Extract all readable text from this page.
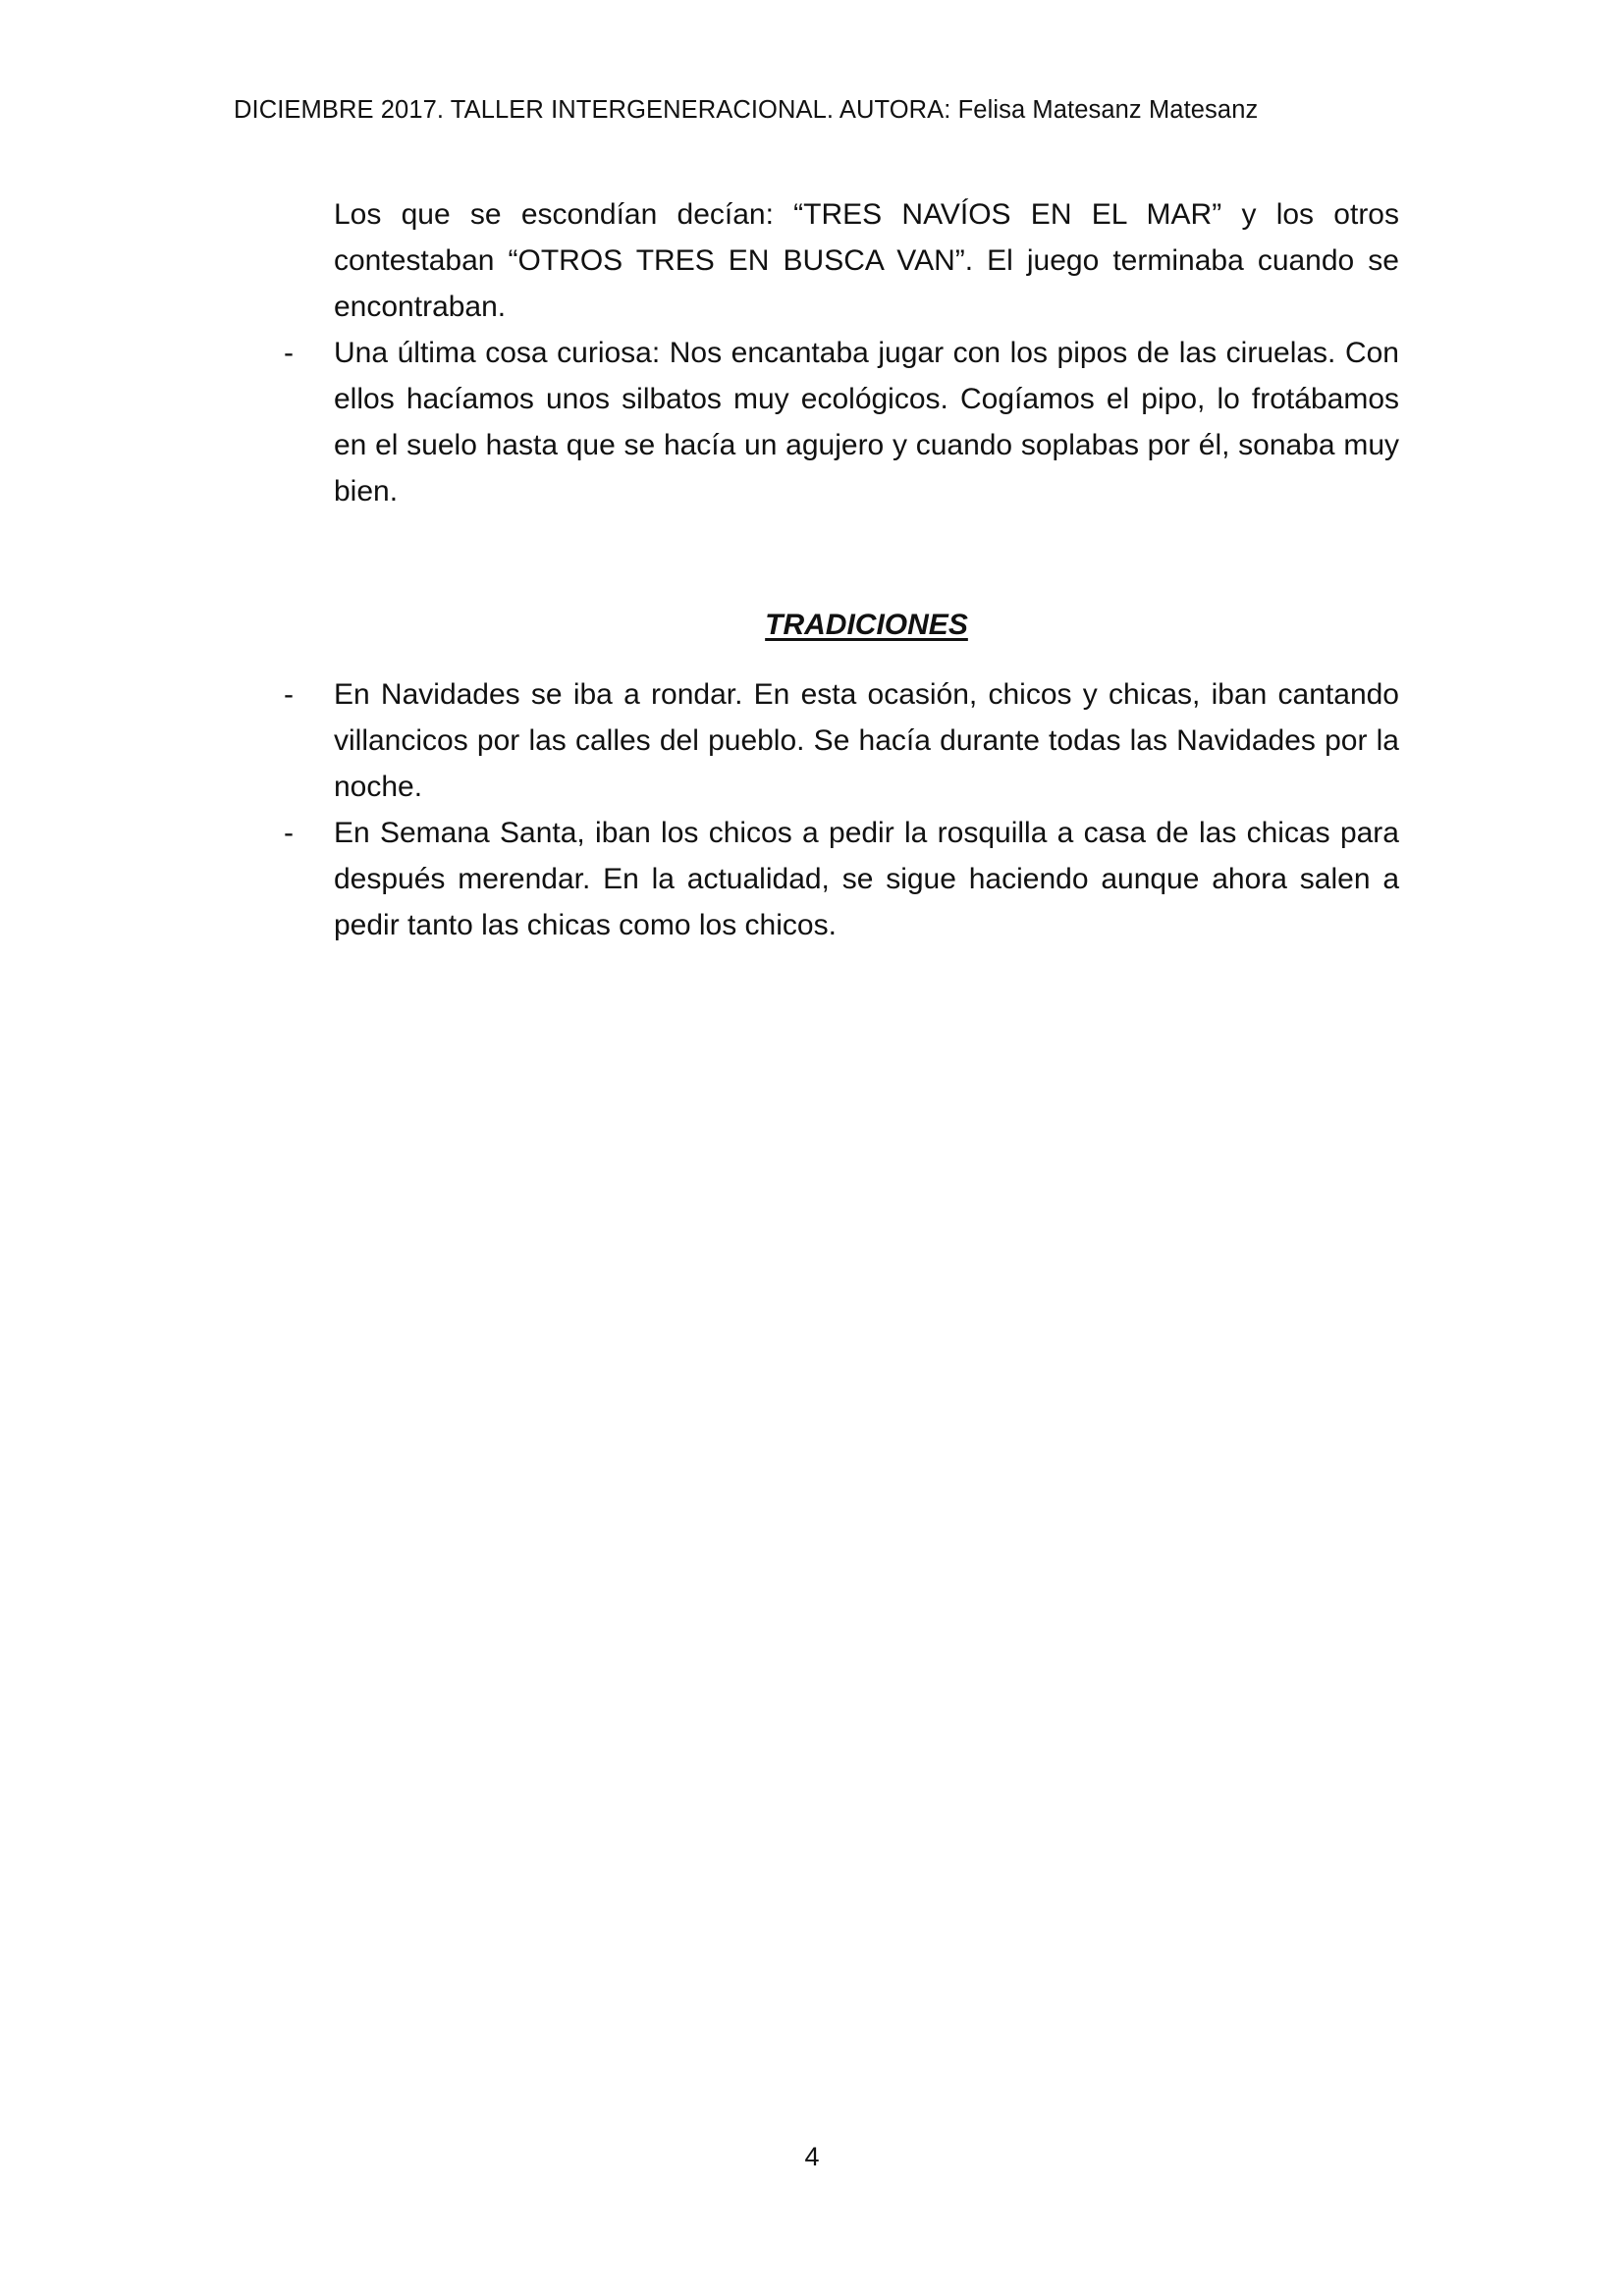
DICIEMBRE 2017. TALLER INTERGENERACIONAL. AUTORA: Felisa Matesanz Matesanz

Los que se escondían decían: “TRES NAVÍOS EN EL MAR” y los otros contestaban “OTROS TRES EN BUSCA VAN”. El juego terminaba cuando se encontraban.

- Una última cosa curiosa: Nos encantaba jugar con los pipos de las ciruelas. Con ellos hacíamos unos silbatos muy ecológicos. Cogíamos el pipo, lo frotábamos en el suelo hasta que se hacía un agujero y cuando soplabas por él, sonaba muy bien.

TRADICIONES

- En Navidades se iba a rondar. En esta ocasión, chicos y chicas, iban cantando villancicos por las calles del pueblo. Se hacía durante todas las Navidades por la noche.
- En Semana Santa, iban los chicos a pedir la rosquilla a casa de las chicas para después merendar. En la actualidad, se sigue haciendo aunque ahora salen a pedir tanto las chicas como los chicos.
4
